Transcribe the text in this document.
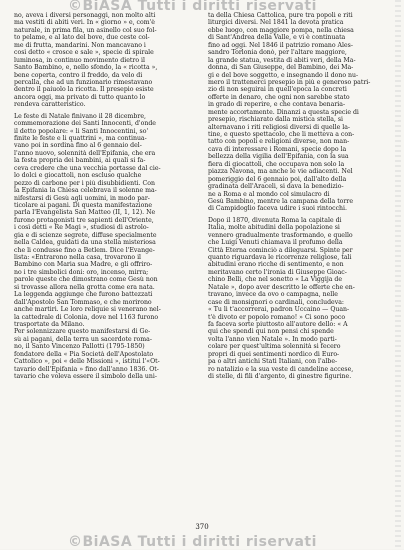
©BiASA Tutti i diritti riservati
no, aveva i diversi personaggi, non molto alti
ma vestiti di abiti veri. In « giorno » e, com'è
naturale, in prima fila, un asinello col suo fol-
to pelame, e al lato del bove, due ceste col-
me di frutta, mandarini. Non mancavano i
così detto « crosce e sale », specie di spirale
luminosa, in continuo movimento dietro il
Santo Bambino, e, nello sfondo, la « ricotta »,
bene coperta, contro il freddo, da velo di
percalla, che ad un funzionario rimestavano
dentro il paiuolo la ricotta. Il presepio esiste
ancora oggi, ma privato di tutto quanto lo
rendeva caratteristico.
Le feste di Natale finivano il 28 dicembre,
commemorazione dei Santi Innocenti, d'onde
il detto popolare: « li Santi Innocentini, so'
finite le feste e li quattrini », ma continua-
vano poi in sordina fino al 6 gennaio del-
l'anno nuovo, solennità dell'Epifania, che era
la festa propria dei bambini, ai quali si fa-
ceva credere che una vecchia portasse dal cie-
lo dolci e giocattoli, non escluso qualche
pezzo di carbone per i più disubbidienti. Con
la Epifania la Chiesa celebrava il solenne ma-
nifestarsi di Gesù agli uomini, in modo par-
ticolare ai pagani. Di questa manifestazione
parla l'Evangelista San Matteo (II, 1, 12). Ne
furono protagonisti tre sapienti dell'Oriente,
i così detti « Re Magi », studiosi di astrolo-
gia e di scienze segrete, diffuse specialmente
nella Caldea, guidati da una stella misteriosa
che li condusse fino a Betlem. Dice l'Evange-
lista: «Entrarono nella casa, trovarono il
Bambino con Maria sua Madre, e gli offriro-
no i tre simbolici doni: oro, incenso, mirra;
parole queste che dimostrano come Gesù non
si trovasse allora nella grotta come era nata.
La leggenda aggiunge che furono battezzati
dall'Apostolo San Tommaso, e che morirono
anche martiri. Le loro reliquie si venerano nel-
la cattedrale di Colonia, dove nel 1163 furono
trasportate da Milano.
Per solennizzare questo manifestarsi di Ge-
sù ai pagani, della terra un sacerdote roma-
no, il Santo Vincenzo Pallotti (1795-1850)
fondatore della « Pia Società dell'Apostolato
Cattolico », poi « delle Missioni », istituì l'«Ot-
tavario dell'Epifania » fino dall'anno 1836. Ot-
tavario che voleva essere il simbolo della uni-
ta della Chiesa Cattolica, pure tra popoli e riti
liturgici diversi. Nel 1841 la devota pratica
ebbe luogo, con maggiore pompa, nella chiesa
di Sant'Andrea della Valle, e vi è continuata
fino ad oggi. Nel 1846 il patrizio romano Ales-
sandro Torlonia donò, per l'altare maggiore,
la grande statua, vestita di abiti veri, della Ma-
donna, di San Giuseppe, del Bambino, dei Ma-
gi e del bove soggetto, e insegnando il dono nu-
mero il trattenerci presepio in più e generoso patri-
zio di non seguirai in quell'epoca la concreti
offerte in denaro, che ogni non sarebbe stato
in grado di reperire, e che contava benaria-
mente accortamente. Dinanzi a questa specie di
presepio, rischiarato dalla mistica stella, si
alternavano i riti religiosi diversi di quelle la-
tine, e questo spettacolo, che li metteva a con-
tatto con popoli e religioni diverse, non man-
cava di interessare i Romani, specie dopo la
bellezza della vigilia dell'Epifania, con la sua
fiera di giocattoli, che occupava non solo la
piazza Navona, ma anche le vie adiacenti. Nel
pomeriggio del 6 gennaio poi, dall'alto della
gradinata dell'Araceli, si dava la benedizio-
ne a Roma e al mondo col simulacro di
Gesù Bambino, mentre la campana della torre
di Campidoglio faceva udire i suoi rintocchi.
Dopo il 1870, divenuta Roma la capitale di
Italia, molte abitudini della popolazione si
vennero gradualmente trasformando, e quello
che Luigi Venuti chiamava il profumo della
Città Eterna cominciò a dileguarsi. Spinte per
quanto riguardava le ricorrenze religiose, tali
abitudini erano ricche di sentimento, e non
meritavano certo l'ironia di Giuseppe Gioac-
chino Belli, che nel sonetto « La Viggija de
Natale », dopo aver descritto le offerte che en-
travano, invece da ovo o campagna, nelle
case di monsignori o cardinali, concludeva:
« Tu li t'accorrerai, padron Uccaino — Quan-
t'è divoto er popolo romano! » Ci sono poco
fa faceva sorte piuttosto all'autore dello: « A
qui che spendi qui non pensi chi spende
volta l'anno vien Natale ». In modo parti-
colare per quest'ultima solennità si fecero
propri di quei sentimenti nordico di Euro-
pa o altri antichi Stati Italiani, con l'albe-
ro natalizio e la sua veste di candeline accese,
di stelle, di fili d'argento, di ginestre figurine.
370
©BiASA Tutti i diritti riservati
